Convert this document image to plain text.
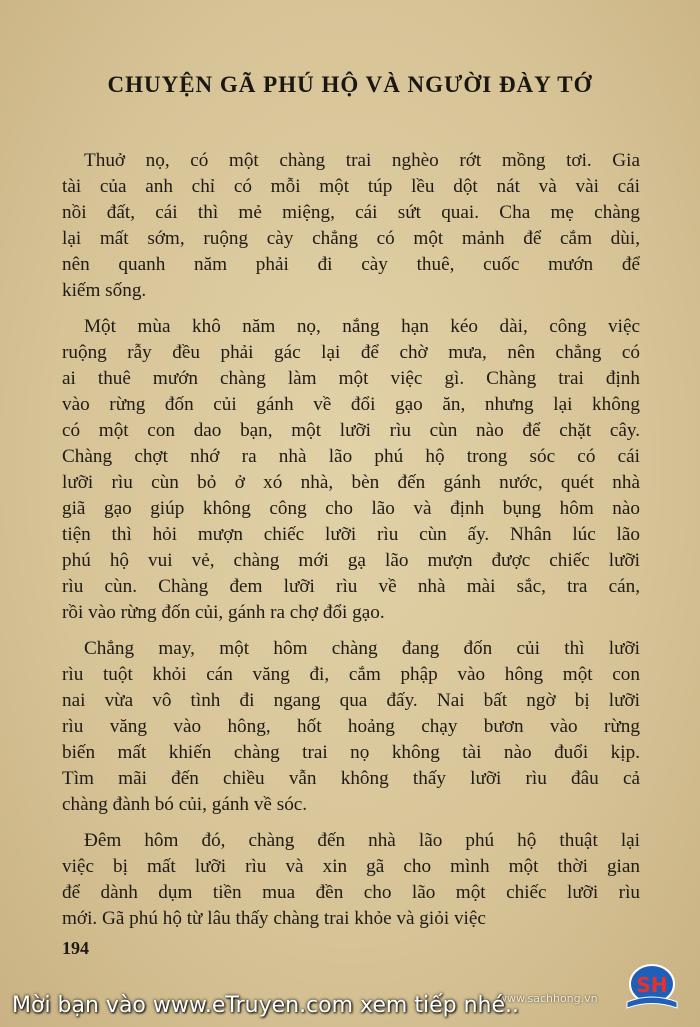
CHUYỆN GÃ PHÚ HỘ VÀ NGƯỜI ĐÀY TỚ
Thuở nọ, có một chàng trai nghèo rớt mồng tơi. Gia
tài của anh chỉ có mỗi một túp lều dột nát và vài cái
nồi đất, cái thì mẻ miệng, cái sứt quai. Cha mẹ chàng
lại mất sớm, ruộng cày chẳng có một mảnh để cắm dùi,
nên quanh năm phải đi cày thuê, cuốc mướn để
kiếm sống.
Một mùa khô năm nọ, nắng hạn kéo dài, công việc
ruộng rẫy đều phải gác lại để chờ mưa, nên chẳng có
ai thuê mướn chàng làm một việc gì. Chàng trai định
vào rừng đốn củi gánh về đổi gạo ăn, nhưng lại không
có một con dao bạn, một lưỡi rìu cùn nào để chặt cây.
Chàng chợt nhớ ra nhà lão phú hộ trong sóc có cái
lưỡi rìu cùn bỏ ở xó nhà, bèn đến gánh nước, quét nhà
giã gạo giúp không công cho lão và định bụng hôm nào
tiện thì hỏi mượn chiếc lưỡi rìu cùn ấy. Nhân lúc lão
phú hộ vui vẻ, chàng mới gạ lão mượn được chiếc lưỡi
rìu cùn. Chàng đem lưỡi rìu về nhà mài sắc, tra cán,
rồi vào rừng đốn củi, gánh ra chợ đổi gạo.
Chẳng may, một hôm chàng đang đốn củi thì lưỡi
rìu tuột khỏi cán văng đi, cắm phập vào hông một con
nai vừa vô tình đi ngang qua đấy. Nai bất ngờ bị lưỡi
rìu văng vào hông, hốt hoảng chạy bươn vào rừng
biến mất khiến chàng trai nọ không tài nào đuổi kịp.
Tìm mãi đến chiều vẫn không thấy lưỡi rìu đâu cả
chàng đành bó củi, gánh về sóc.
Đêm hôm đó, chàng đến nhà lão phú hộ thuật lại
việc bị mất lưỡi rìu và xin gã cho mình một thời gian
để dành dụm tiền mua đền cho lão một chiếc lưỡi rìu
mới. Gã phú hộ từ lâu thấy chàng trai khỏe và giỏi việc
194
SH
www.sachhong.vn
Mời bạn vào www.eTruyen.com xem tiếp nhé..
